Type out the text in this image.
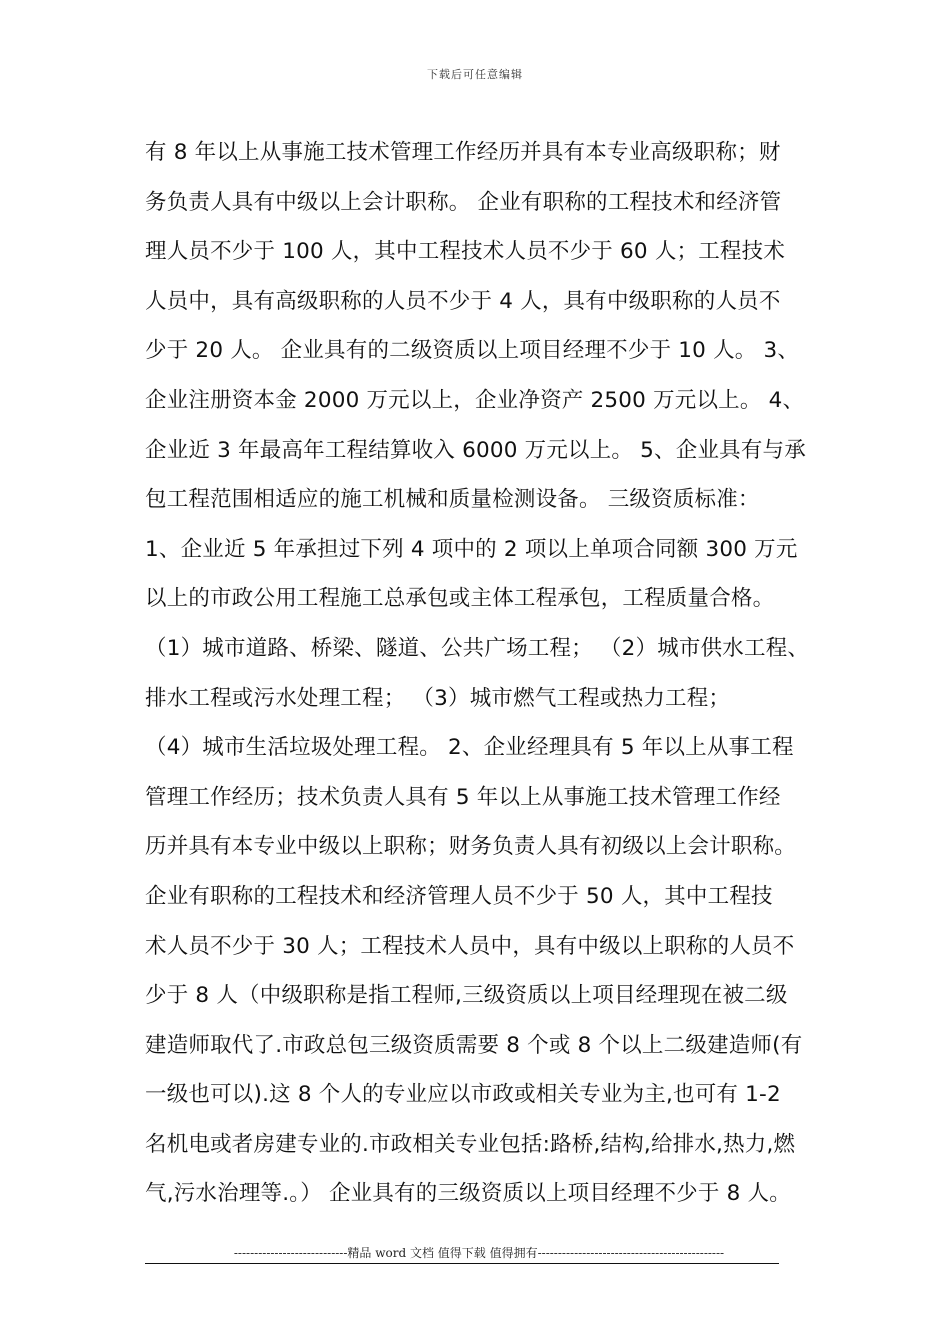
下载后可任意编辑
有 8 年以上从事施工技术管理工作经历并具有本专业高级职称；财
务负责人具有中级以上会计职称。 企业有职称的工程技术和经济管
理人员不少于 100 人，其中工程技术人员不少于 60 人；工程技术
人员中，具有高级职称的人员不少于 4 人，具有中级职称的人员不
少于 20 人。 企业具有的二级资质以上项目经理不少于 10 人。 3、
企业注册资本金 2000 万元以上，企业净资产 2500 万元以上。 4、
企业近 3 年最高年工程结算收入 6000 万元以上。 5、企业具有与承
包工程范围相适应的施工机械和质量检测设备。 三级资质标准：
1、企业近 5 年承担过下列 4 项中的 2 项以上单项合同额 300 万元
以上的市政公用工程施工总承包或主体工程承包，工程质量合格。
（1）城市道路、桥梁、隧道、公共广场工程； （2）城市供水工程、
排水工程或污水处理工程； （3）城市燃气工程或热力工程；
（4）城市生活垃圾处理工程。 2、企业经理具有 5 年以上从事工程
管理工作经历；技术负责人具有 5 年以上从事施工技术管理工作经
历并具有本专业中级以上职称；财务负责人具有初级以上会计职称。
企业有职称的工程技术和经济管理人员不少于 50 人，其中工程技
术人员不少于 30 人；工程技术人员中，具有中级以上职称的人员不
少于 8 人（中级职称是指工程师,三级资质以上项目经理现在被二级
建造师取代了.市政总包三级资质需要 8 个或 8 个以上二级建造师(有
一级也可以).这 8 个人的专业应以市政或相关专业为主,也可有 1-2
名机电或者房建专业的.市政相关专业包括:路桥,结构,给排水,热力,燃
气,污水治理等.。） 企业具有的三级资质以上项目经理不少于 8 人。
----------------------------精品 word 文档 值得下载 值得拥有----------------------------------------------
